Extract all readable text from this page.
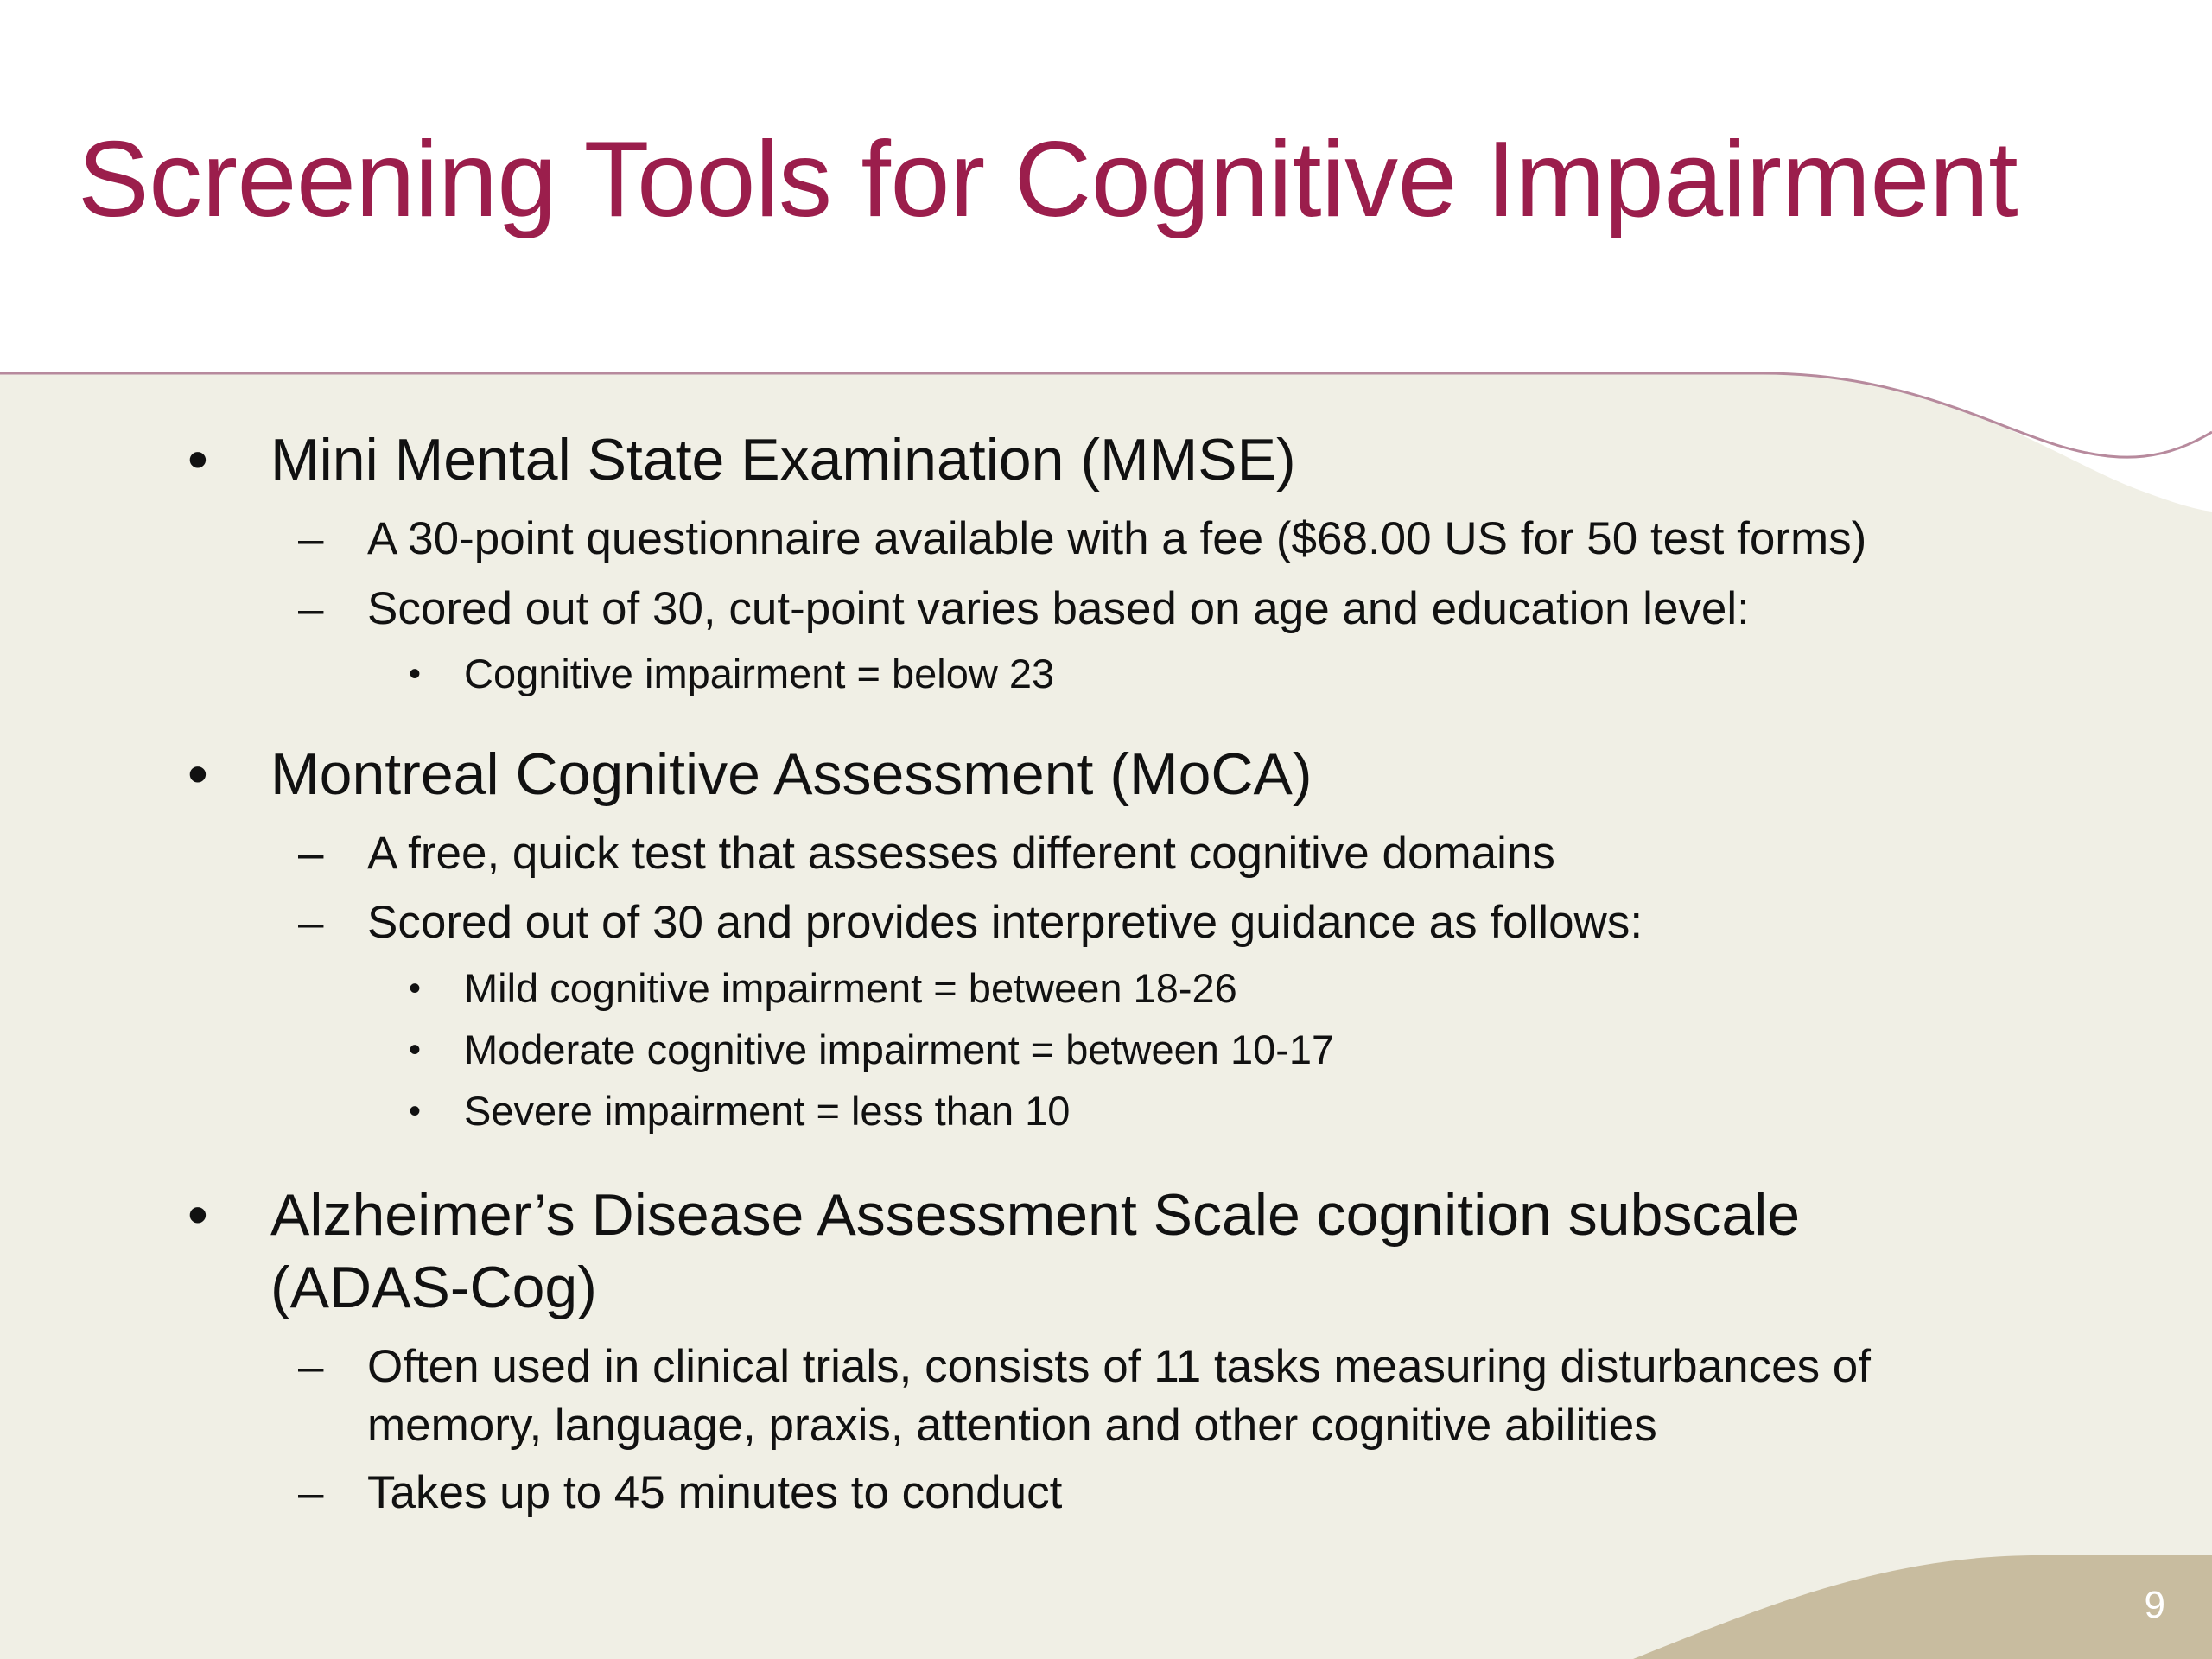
Screening Tools for Cognitive Impairment
• Mini Mental State Examination (MMSE)
– A 30-point questionnaire available with a fee ($68.00 US for 50 test forms)
– Scored out of 30, cut-point varies based on age and education level:
• Cognitive impairment = below 23
• Montreal Cognitive Assessment (MoCA)
– A free, quick test that assesses different cognitive domains
– Scored out of 30 and provides interpretive guidance as follows:
• Mild cognitive impairment = between 18-26
• Moderate cognitive impairment = between 10-17
• Severe impairment = less than 10
• Alzheimer’s Disease Assessment Scale cognition subscale (ADAS-Cog)
– Often used in clinical trials, consists of 11 tasks measuring disturbances of memory, language, praxis, attention and other cognitive abilities
– Takes up to 45 minutes to conduct
9
